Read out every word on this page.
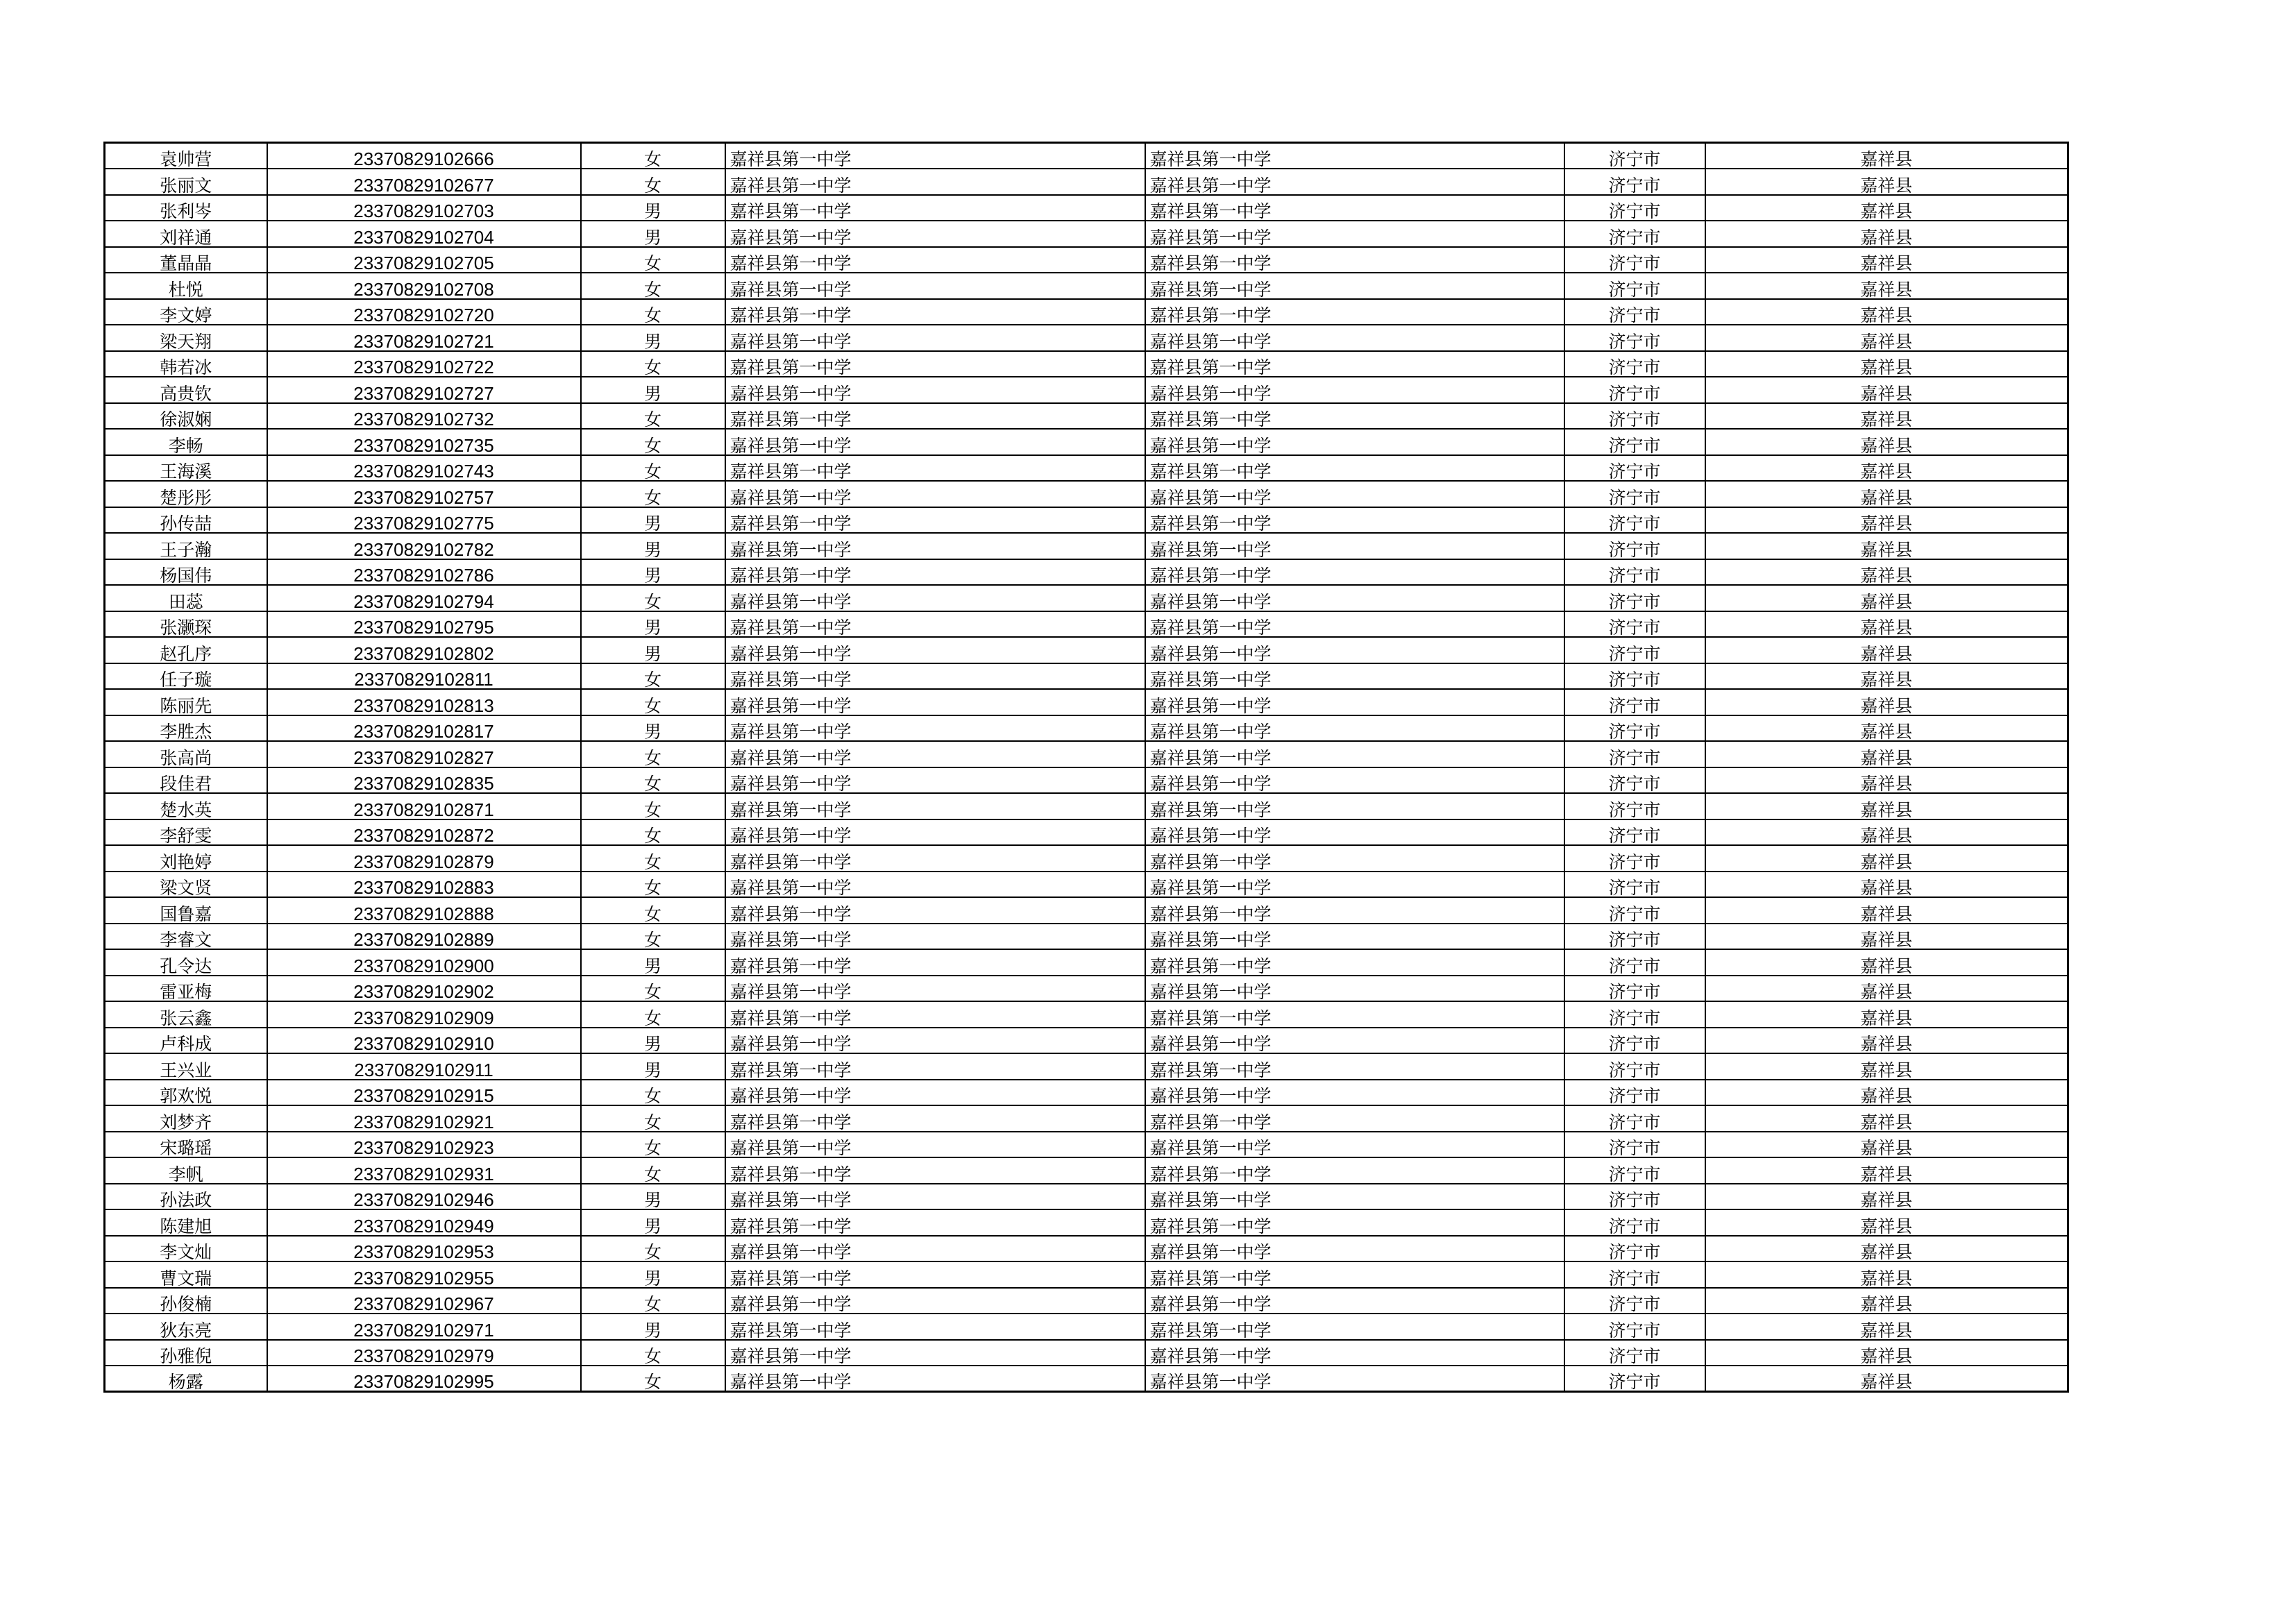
袁帅营	23370829102666	女	嘉祥县第一中学	嘉祥县第一中学	济宁市	嘉祥县
张丽文	23370829102677	女	嘉祥县第一中学	嘉祥县第一中学	济宁市	嘉祥县
张利岑	23370829102703	男	嘉祥县第一中学	嘉祥县第一中学	济宁市	嘉祥县
刘祥通	23370829102704	男	嘉祥县第一中学	嘉祥县第一中学	济宁市	嘉祥县
董晶晶	23370829102705	女	嘉祥县第一中学	嘉祥县第一中学	济宁市	嘉祥县
杜悦	23370829102708	女	嘉祥县第一中学	嘉祥县第一中学	济宁市	嘉祥县
李文婷	23370829102720	女	嘉祥县第一中学	嘉祥县第一中学	济宁市	嘉祥县
梁天翔	23370829102721	男	嘉祥县第一中学	嘉祥县第一中学	济宁市	嘉祥县
韩若冰	23370829102722	女	嘉祥县第一中学	嘉祥县第一中学	济宁市	嘉祥县
高贵钦	23370829102727	男	嘉祥县第一中学	嘉祥县第一中学	济宁市	嘉祥县
徐淑娴	23370829102732	女	嘉祥县第一中学	嘉祥县第一中学	济宁市	嘉祥县
李畅	23370829102735	女	嘉祥县第一中学	嘉祥县第一中学	济宁市	嘉祥县
王海溪	23370829102743	女	嘉祥县第一中学	嘉祥县第一中学	济宁市	嘉祥县
楚彤彤	23370829102757	女	嘉祥县第一中学	嘉祥县第一中学	济宁市	嘉祥县
孙传喆	23370829102775	男	嘉祥县第一中学	嘉祥县第一中学	济宁市	嘉祥县
王子瀚	23370829102782	男	嘉祥县第一中学	嘉祥县第一中学	济宁市	嘉祥县
杨国伟	23370829102786	男	嘉祥县第一中学	嘉祥县第一中学	济宁市	嘉祥县
田蕊	23370829102794	女	嘉祥县第一中学	嘉祥县第一中学	济宁市	嘉祥县
张灏琛	23370829102795	男	嘉祥县第一中学	嘉祥县第一中学	济宁市	嘉祥县
赵孔序	23370829102802	男	嘉祥县第一中学	嘉祥县第一中学	济宁市	嘉祥县
任子璇	23370829102811	女	嘉祥县第一中学	嘉祥县第一中学	济宁市	嘉祥县
陈丽先	23370829102813	女	嘉祥县第一中学	嘉祥县第一中学	济宁市	嘉祥县
李胜杰	23370829102817	男	嘉祥县第一中学	嘉祥县第一中学	济宁市	嘉祥县
张高尚	23370829102827	女	嘉祥县第一中学	嘉祥县第一中学	济宁市	嘉祥县
段佳君	23370829102835	女	嘉祥县第一中学	嘉祥县第一中学	济宁市	嘉祥县
楚水英	23370829102871	女	嘉祥县第一中学	嘉祥县第一中学	济宁市	嘉祥县
李舒雯	23370829102872	女	嘉祥县第一中学	嘉祥县第一中学	济宁市	嘉祥县
刘艳婷	23370829102879	女	嘉祥县第一中学	嘉祥县第一中学	济宁市	嘉祥县
梁文贤	23370829102883	女	嘉祥县第一中学	嘉祥县第一中学	济宁市	嘉祥县
国鲁嘉	23370829102888	女	嘉祥县第一中学	嘉祥县第一中学	济宁市	嘉祥县
李睿文	23370829102889	女	嘉祥县第一中学	嘉祥县第一中学	济宁市	嘉祥县
孔令达	23370829102900	男	嘉祥县第一中学	嘉祥县第一中学	济宁市	嘉祥县
雷亚梅	23370829102902	女	嘉祥县第一中学	嘉祥县第一中学	济宁市	嘉祥县
张云鑫	23370829102909	女	嘉祥县第一中学	嘉祥县第一中学	济宁市	嘉祥县
卢科成	23370829102910	男	嘉祥县第一中学	嘉祥县第一中学	济宁市	嘉祥县
王兴业	23370829102911	男	嘉祥县第一中学	嘉祥县第一中学	济宁市	嘉祥县
郭欢悦	23370829102915	女	嘉祥县第一中学	嘉祥县第一中学	济宁市	嘉祥县
刘梦齐	23370829102921	女	嘉祥县第一中学	嘉祥县第一中学	济宁市	嘉祥县
宋璐瑶	23370829102923	女	嘉祥县第一中学	嘉祥县第一中学	济宁市	嘉祥县
李帆	23370829102931	女	嘉祥县第一中学	嘉祥县第一中学	济宁市	嘉祥县
孙法政	23370829102946	男	嘉祥县第一中学	嘉祥县第一中学	济宁市	嘉祥县
陈建旭	23370829102949	男	嘉祥县第一中学	嘉祥县第一中学	济宁市	嘉祥县
李文灿	23370829102953	女	嘉祥县第一中学	嘉祥县第一中学	济宁市	嘉祥县
曹文瑞	23370829102955	男	嘉祥县第一中学	嘉祥县第一中学	济宁市	嘉祥县
孙俊楠	23370829102967	女	嘉祥县第一中学	嘉祥县第一中学	济宁市	嘉祥县
狄东亮	23370829102971	男	嘉祥县第一中学	嘉祥县第一中学	济宁市	嘉祥县
孙雅倪	23370829102979	女	嘉祥县第一中学	嘉祥县第一中学	济宁市	嘉祥县
杨露	23370829102995	女	嘉祥县第一中学	嘉祥县第一中学	济宁市	嘉祥县
